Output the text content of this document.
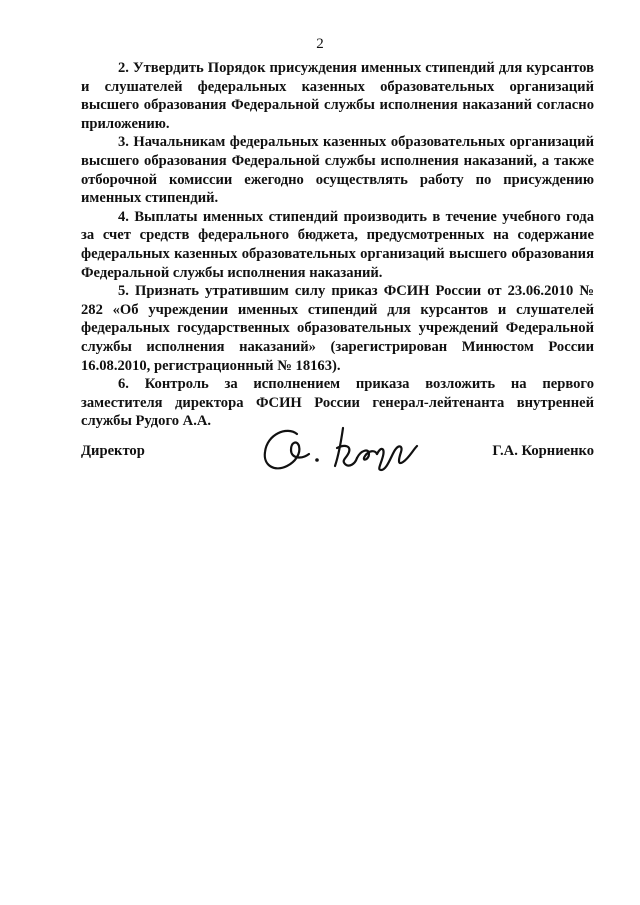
2

2. Утвердить Порядок присуждения именных стипендий для курсантов и слушателей федеральных казенных образовательных организаций высшего образования Федеральной службы исполнения наказаний согласно приложению.

3. Начальникам федеральных казенных образовательных организаций высшего образования Федеральной службы исполнения наказаний, а также отборочной комиссии ежегодно осуществлять работу по присуждению именных стипендий.

4. Выплаты именных стипендий производить в течение учебного года за счет средств федерального бюджета, предусмотренных на содержание федеральных казенных образовательных организаций высшего образования Федеральной службы исполнения наказаний.

5. Признать утратившим силу приказ ФСИН России от 23.06.2010 № 282 «Об учреждении именных стипендий для курсантов и слушателей федеральных государственных образовательных учреждений Федеральной службы исполнения наказаний» (зарегистрирован Минюстом России 16.08.2010, регистрационный № 18163).

6. Контроль за исполнением приказа возложить на первого заместителя директора ФСИН России генерал-лейтенанта внутренней службы Рудого А.А.

Директор	Г.А. Корниенко
